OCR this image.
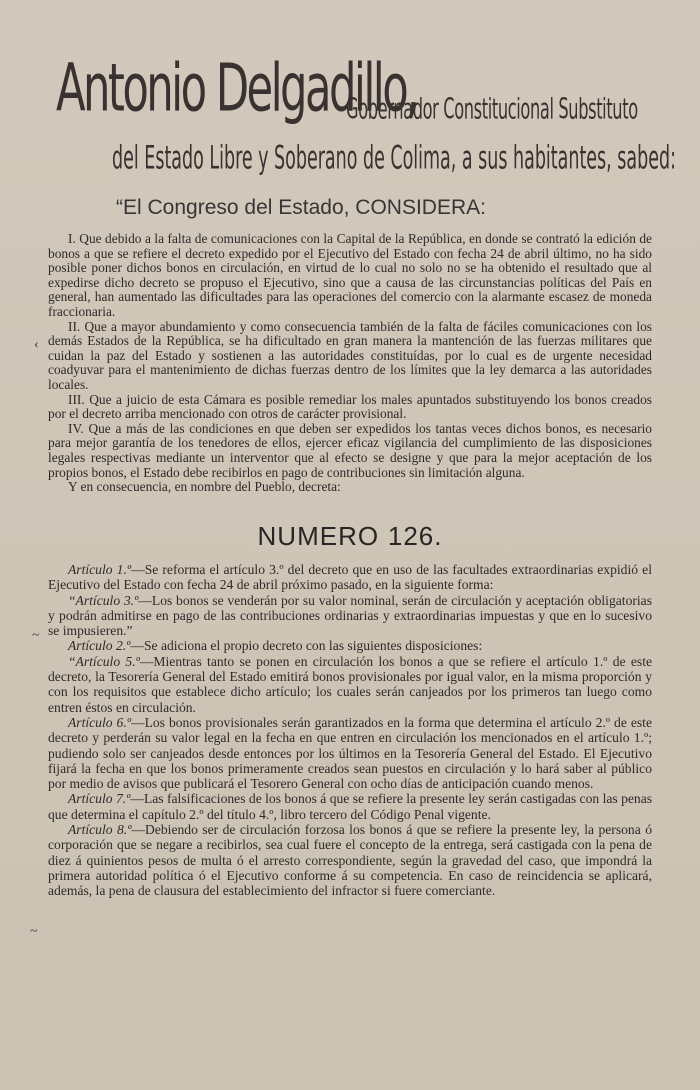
Antonio Delgadillo,
Gobernador Constitucional Substituto
del Estado Libre y Soberano de Colima, a sus habitantes, sabed:
“El Congreso del Estado, CONSIDERA:

I. Que debido a la falta de comunicaciones con la Capital de la República, en donde se contrató la edición de bonos a que se refiere el decreto expedido por el Ejecutivo del Estado con fecha 24 de abril último, no ha sido posible poner dichos bonos en circulación, en virtud de lo cual no solo no se ha obtenido el resultado que al expedirse dicho decreto se propuso el Ejecutivo, sino que a causa de las circunstancias políticas del País en general, han aumentado las dificultades para las operaciones del comercio con la alarmante escasez de moneda fraccionaria.

II. Que a mayor abundamiento y como consecuencia también de la falta de fáciles comunicaciones con los demás Estados de la República, se ha dificultado en gran manera la mantención de las fuerzas militares que cuidan la paz del Estado y sostienen a las autoridades constituídas, por lo cual es de urgente necesidad coadyuvar para el mantenimiento de dichas fuerzas dentro de los límites que la ley demarca a las autoridades locales.

III. Que a juicio de esta Cámara es posible remediar los males apuntados substituyendo los bonos creados por el decreto arriba mencionado con otros de carácter provisional.

IV. Que a más de las condiciones en que deben ser expedidos los tantas veces dichos bonos, es necesario para mejor garantía de los tenedores de ellos, ejercer eficaz vigilancia del cumplimiento de las disposiciones legales respectivas mediante un interventor que al efecto se designe y que para la mejor aceptación de los propios bonos, el Estado debe recibirlos en pago de contribuciones sin limitación alguna.

Y en consecuencia, en nombre del Pueblo, decreta:

NUMERO 126.

Artículo 1.º—Se reforma el artículo 3.º del decreto que en uso de las facultades extraordinarias expidió el Ejecutivo del Estado con fecha 24 de abril próximo pasado, en la siguiente forma:

“Artículo 3.º—Los bonos se venderán por su valor nominal, serán de circulación y aceptación obligatorias y podrán admitirse en pago de las contribuciones ordinarias y extraordinarias impuestas y que en lo sucesivo se impusieren.”

Artículo 2.º—Se adiciona el propio decreto con las siguientes disposiciones:

“Artículo 5.º—Mientras tanto se ponen en circulación los bonos a que se refiere el artículo 1.º de este decreto, la Tesorería General del Estado emitirá bonos provisionales por igual valor, en la misma proporción y con los requisitos que establece dicho artículo; los cuales serán canjeados por los primeros tan luego como entren éstos en circulación.

Artículo 6.º—Los bonos provisionales serán garantizados en la forma que determina el artículo 2.º de este decreto y perderán su valor legal en la fecha en que entren en circulación los mencionados en el artículo 1.º; pudiendo solo ser canjeados desde entonces por los últimos en la Tesorería General del Estado. El Ejecutivo fijará la fecha en que los bonos primeramente creados sean puestos en circulación y lo hará saber al público por medio de avisos que publicará el Tesorero General con ocho días de anticipación cuando menos.

Artículo 7.º—Las falsificaciones de los bonos á que se refiere la presente ley serán castigadas con las penas que determina el capítulo 2.º del título 4.º, libro tercero del Código Penal vigente.

Artículo 8.º—Debiendo ser de circulación forzosa los bonos á que se refiere la presente ley, la persona ó corporación que se negare a recibirlos, sea cual fuere el concepto de la entrega, será castigada con la pena de diez á quinientos pesos de multa ó el arresto correspondiente, según la gravedad del caso, que impondrá la primera autoridad política ó el Ejecutivo conforme á su competencia. En caso de reincidencia se aplicará, además, la pena de clausura del establecimiento del infractor si fuere comerciante.

‹
~
~
